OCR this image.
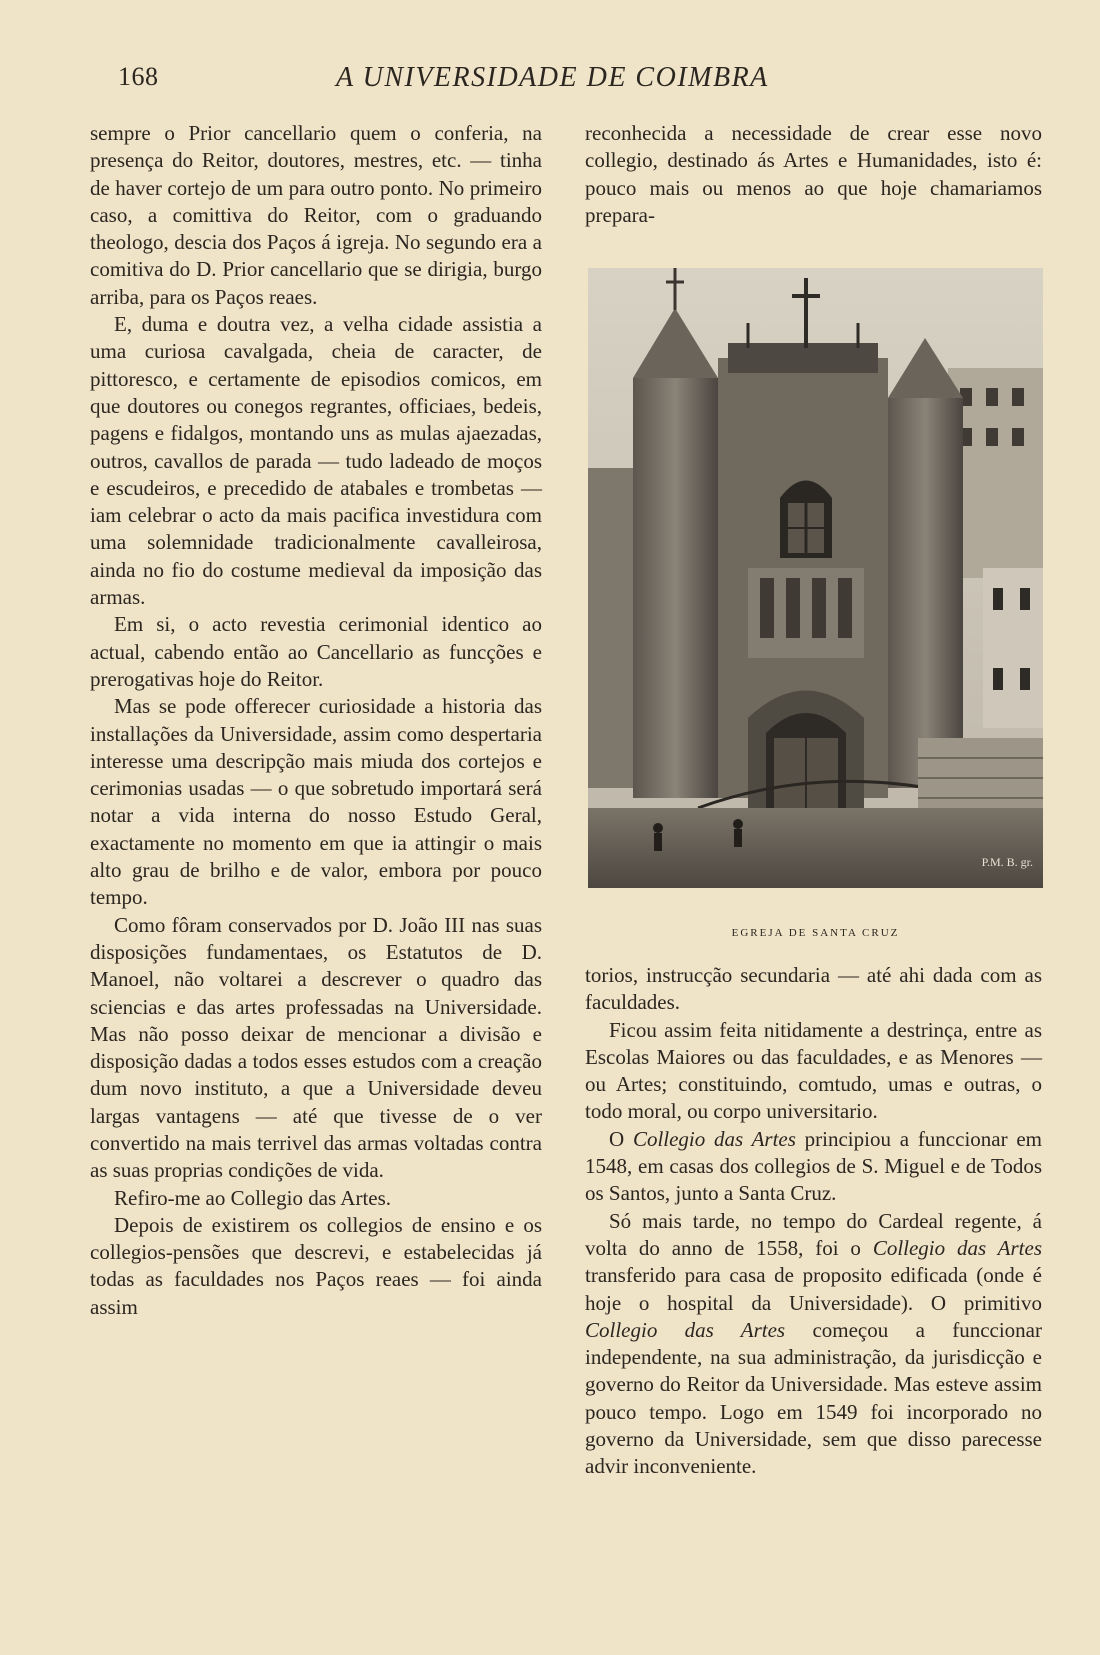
168	A UNIVERSIDADE DE COIMBRA

sempre o Prior cancellario quem o conferia, na presença do Reitor, doutores, mestres, etc. — tinha de haver cortejo de um para outro ponto. No primeiro caso, a comittiva do Reitor, com o graduando theologo, descia dos Paços á igreja. No segundo era a comitiva do D. Prior cancellario que se dirigia, burgo arriba, para os Paços reaes.

E, duma e doutra vez, a velha cidade assistia a uma curiosa cavalgada, cheia de caracter, de pittoresco, e certamente de episodios comicos, em que doutores ou conegos regrantes, officiaes, bedeis, pagens e fidalgos, montando uns as mulas ajaezadas, outros, cavallos de parada — tudo ladeado de moços e escudeiros, e precedido de atabales e trombetas — iam celebrar o acto da mais pacifica investidura com uma solemnidade tradicionalmente cavalleirosa, ainda no fio do costume medieval da imposição das armas.

Em si, o acto revestia cerimonial identico ao actual, cabendo então ao Cancellario as funcções e prerogativas hoje do Reitor.

Mas se pode offerecer curiosidade a historia das installações da Universidade, assim como despertaria interesse uma descripção mais miuda dos cortejos e cerimonias usadas — o que sobretudo importará será notar a vida interna do nosso Estudo Geral, exactamente no momento em que ia attingir o mais alto grau de brilho e de valor, embora por pouco tempo.

Como fôram conservados por D. João III nas suas disposições fundamentaes, os Estatutos de D. Manoel, não voltarei a descrever o quadro das sciencias e das artes professadas na Universidade. Mas não posso deixar de mencionar a divisão e disposição dadas a todos esses estudos com a creação dum novo instituto, a que a Universidade deveu largas vantagens — até que tivesse de o ver convertido na mais terrivel das armas voltadas contra as suas proprias condições de vida.

Refiro-me ao Collegio das Artes.

Depois de existirem os collegios de ensino e os collegios-pensões que descrevi, e estabelecidas já todas as faculdades nos Paços reaes — foi ainda assim

reconhecida a necessidade de crear esse novo collegio, destinado ás Artes e Humanidades, isto é: pouco mais ou menos ao que hoje chamariamos prepara-

P.M. B. gr.
EGREJA DE SANTA CRUZ

torios, instrucção secundaria — até ahi dada com as faculdades.

Ficou assim feita nitidamente a destrinça, entre as Escolas Maiores ou das faculdades, e as Menores — ou Artes; constituindo, comtudo, umas e outras, o todo moral, ou corpo universitario.

O Collegio das Artes principiou a funccionar em 1548, em casas dos collegios de S. Miguel e de Todos os Santos, junto a Santa Cruz.

Só mais tarde, no tempo do Cardeal regente, á volta do anno de 1558, foi o Collegio das Artes transferido para casa de proposito edificada (onde é hoje o hospital da Universidade). O primitivo Collegio das Artes começou a funccionar independente, na sua administração, da jurisdicção e governo do Reitor da Universidade. Mas esteve assim pouco tempo. Logo em 1549 foi incorporado no governo da Universidade, sem que disso parecesse advir inconveniente.
